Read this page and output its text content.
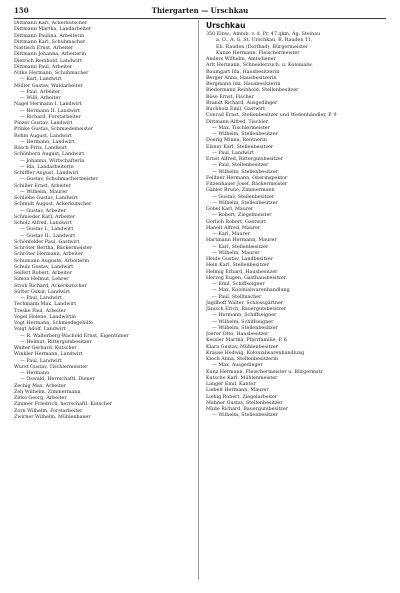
150	Thiergarten — Urschkau
Dittmann Karl, Ackerkutscher
Dittmann Martha, Landarbeiter
Dittmann Paulina, Arbeiterin
Dittmann Karl, Schuhmacher
Nastisch Ernst, Arbeiter
Dittmann Johanna, Arbeiterin
Dietrich Reinhold, Landwirt
Dittmann Paul, Arbeiter
Nitke Hermann, Schuhmacher
— Karl, Landwirt
Müller Gustav, Waldarbeiter
— Paul, Arbeiter
— Willi, Arbeiter
Nagel Hermann I. Landwirt
— Hermann II. Landwirt
— Richard, Forstarbeiter
Pinzer Gustav, Landwirt
Prinke Gustav, Schmiedemeister
Rohm August, Landwirt
— Hermann, Landwirt
Rösch Fritz, Landwirt
Schönborn August, Landwirt
— Johanna, Wirtschafterin
— Ida, Landarbeiterin
Schiffler August, Landwirt
— Gustav, Schuhmachermeister
Schiller Ernst, Arbeiter
— Wilhelm, Maurer
Schliebe Gustav, Landwirt
Schmidt August, Ackerkutscher
— Gustav, Arbeiter
Schmieder Karl, Arbeiter
Scholz Alfred, Landwirt
— Gustav I., Landwirt
— Gustav II., Landwirt
Schönfelder Paul, Gastwirt
Schröter Bertha, Bäckermeister
Schröter Hermann, Arbeiter
Schumann Auguste, Arbeiterin
Schulz Gustav, Landwirt
Seifert Robert, Arbeiter
Simon Helmut, Lehrer
Stroh Richard, Ackerkutscher
Sütter Oskar, Landwirt
— Paul, Landwirt
Techmann Max, Landwirt
Treske Paul, Arbeiter
Vogel Helene, Landwirtin
Vogt Hermann, Schmiedegehilfe
Voigt Adolf, Landwirt
— R. Walterberg-Wachold Ernst, Eigentümer
— Helmut, Rittergutsbesitzer
Walter Gerhard, Kutscher
Winkler Hermann, Landwirt
— Paul, Landwirt
Wurst Gustav, Tischlermeister
— Hermann
— Oswald, Herrschaftl. Diener
Zechig Max, Arbeiter
Zeh Wilhelm, Zimmermann
Zirke Georg, Arbeiter
Zimmer Friedrich, herrschaftl. Kutscher
Zorn Wilhelm, Forstarbeiter
Zwirner Wilhelm, Mühlenbauer
Urschkau
350 Einw., Amtsb. v. d. Pr. 47 qkm, Ag. Steinau
a. O., A. G. St. Urschkau, R. Rauden 11,
Eb. Rauden (Dorfbad), Bürgermeister
Kunze Hermann, Fleischermeister
Anders Wilhelm, Amtsdiener
Arlt Hermann, Schneiderzuch. u. Kolonialw.
Baumgart Ida, Hausbesitzerin
Berger Anna, Hausbesitzerin
Bergmann Ida, Hausbesitzerin
Biedermann Reinhold, Stellenbesitzer
Böse Ernst, Fischer
Brandt Richard, Ausgedinger
Buchholz Emil, Gastwirt
Conrad Ernst, Stellenbesitzer und Wedenhändler, P. 9
Dittmann Alfred, Tischler
— Max, Tischlermeister
— Wilhelm, Stellenbesitzer
Doerig Minna, Rentnerin
Elsner Karl, Stellenbesitzer
— Paul, Landwirt
Ernst Alfred, Rittergutsbesitzer
— Paul, Stellenbesitzer
— Wilhelm, Stellenbesitzer
Feldner Hermann, Oberinspektor
Fitzenhauer Josef, Bäckermeister
Gäbler Bruno, Zimmermann
— Gustav, Stellenbesitzer
— Wilhelm, Stellenbesitzer
Göbel Karl, Maurer
— Robert, Ziegelmeister
Görlich Robert, Gastwirt
Hanelt Alfred, Maurer
— Karl, Maurer
Hartmann Hermann, Maurer
— Karl, Stellenbesitzer
— Wilhelm, Maurer
Heide Gustav, Landbesitzer
Hein Karl, Stellenbesitzer
Helmig Erhard, Hausbesitzer
Herzog Eugen, Gasthausbesitzer
— Emil, Schiffseigner
— Max, Kolonialwarenhandlung
— Paul, Stellmacher
Jagdhoff Walter, Schlossgärtner
Jänisch Erich, Bauergutsbesitzer
— Hermann, Schiffseigner
— Wilhelm, Schiffseigner
— Wilhelm, Stellenbesitzer
Joerer Otto, Hausbesitzer
Kessler Martha, Pfarrfamilie, P. 6
Klara Gustav, Mühlenbesitzer
Krause Hedwig, Kolonialwarenhandlung
Kloch Anna, Stellenbesitzerin
— Max, Ausgedinger
Kunz Hermann, Fleischermeister u. Bürgermstr.
Kutsche Karl, Mühlenmeister
Langer Emil, Kantor
Liebelt Hermann, Maurer
Liebig Robert, Ziegelarbeiter
Mahner Gustav, Stellenbesitzer
Mäde Richard, Bauergutsbesitzer
— Wilhelm, Stellenbesitzer
